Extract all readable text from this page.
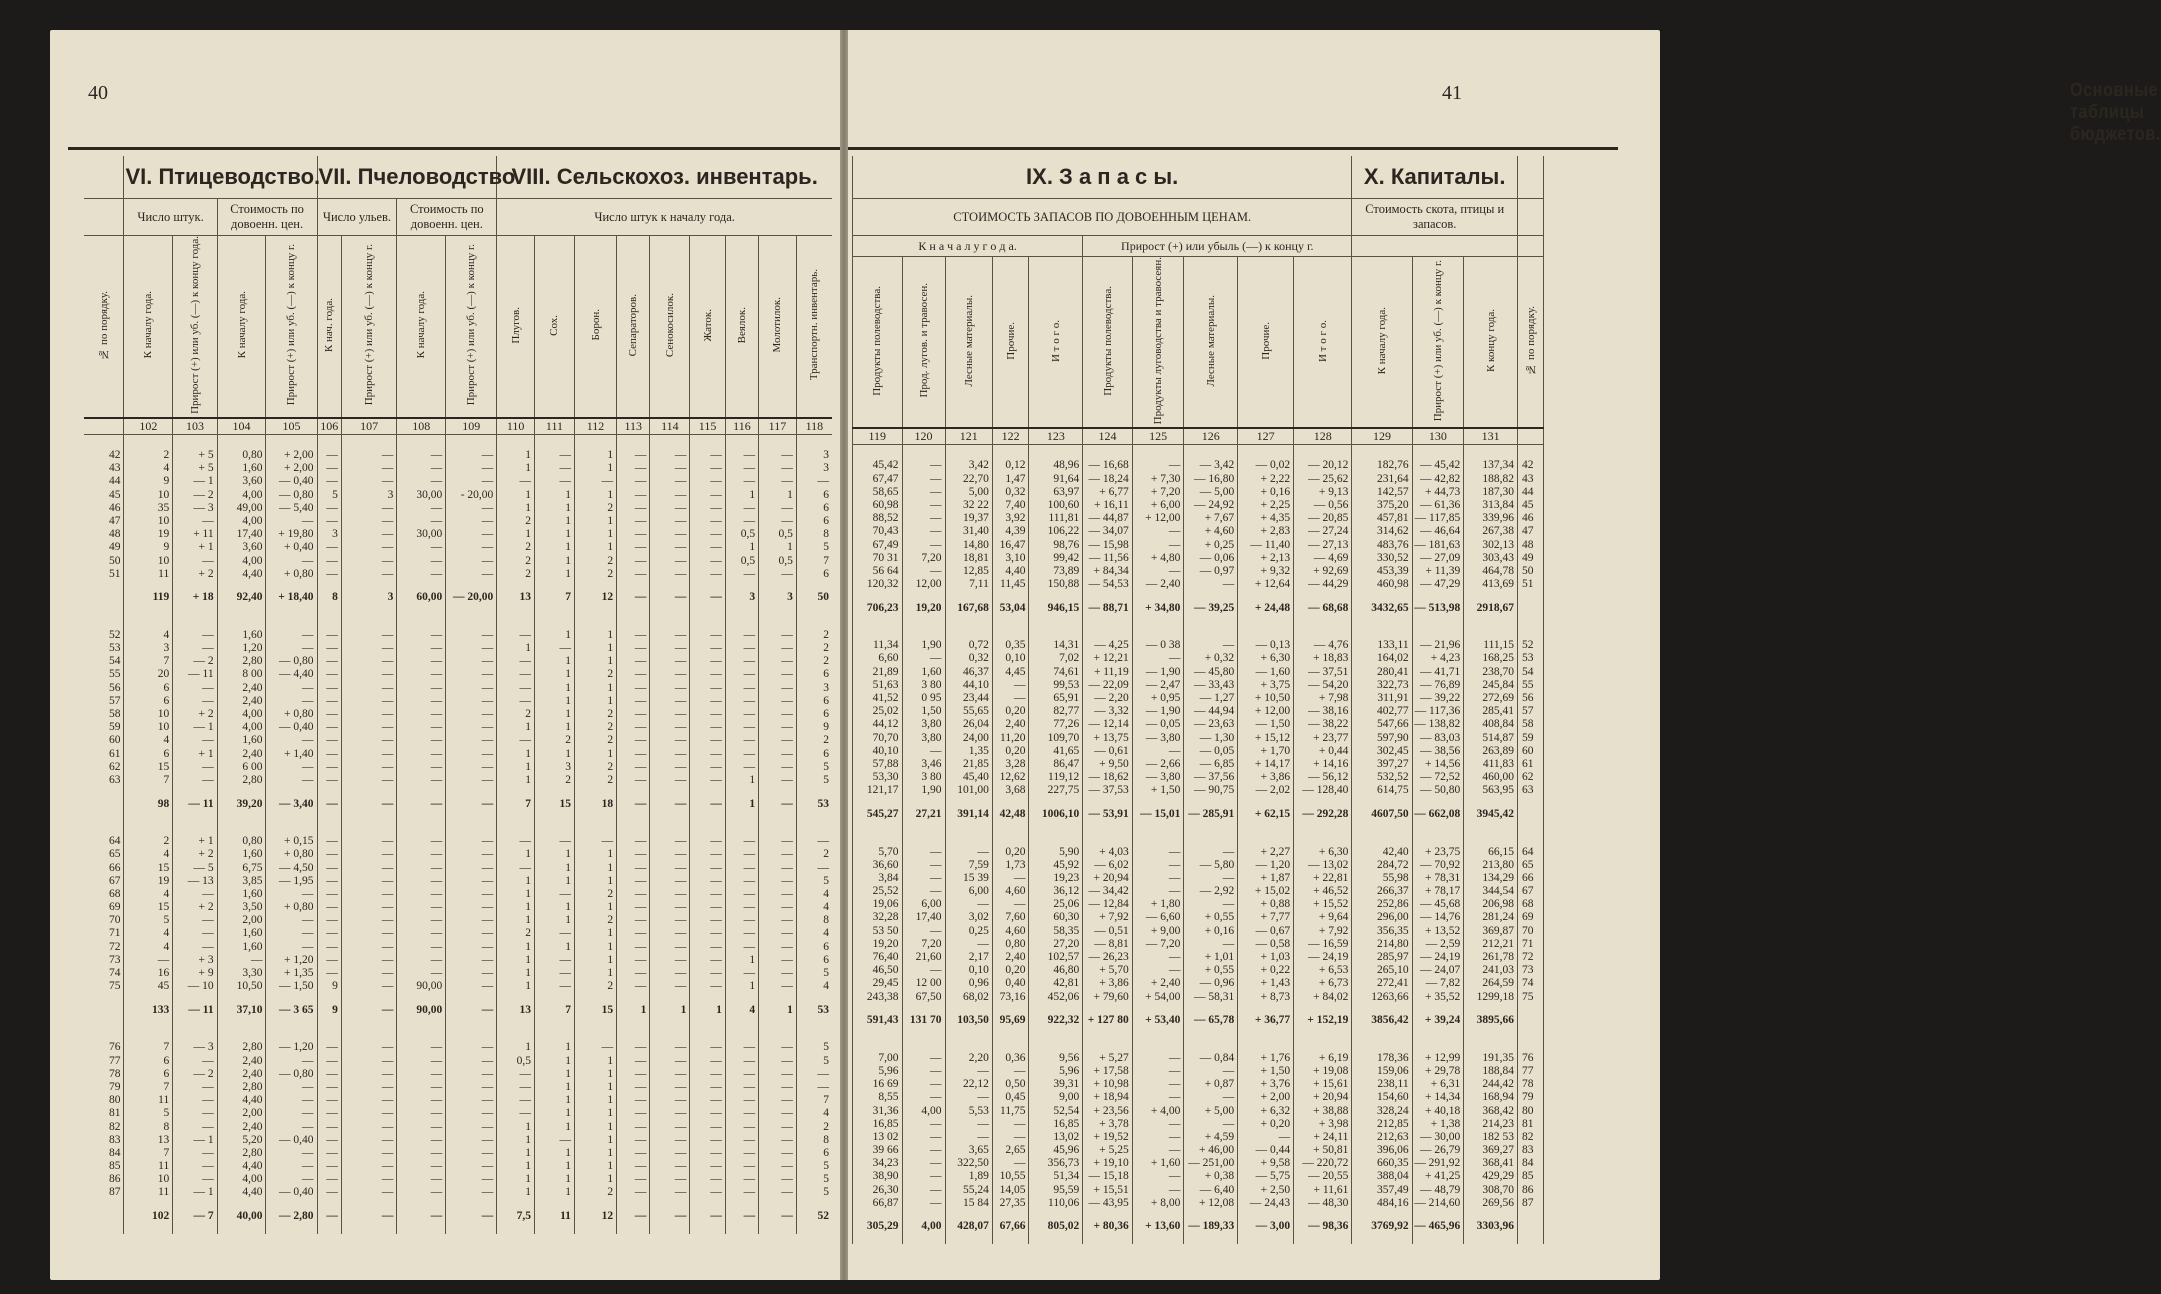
40
	VI. Птицеводство.				VII. Пчеловодство.				VIII. Сельскохоз. инвентарь.								
	Число штук.		Стоимость по довоенн. цен.		Число ульев.		Стоимость по довоенн. цен.		Число штук к началу года.								
№ по порядку.	К началу года.	Прирост (+) или уб. (—) к концу года.	К началу года.	Прирост (+) или уб. (—) к концу г.	К нач. года.	Прирост (+) или уб. (—) к концу г.	К началу года.	Прирост (+) или уб. (—) к концу г.	Плугов.	Сох.	Борон.	Сепараторов.	Сенокосилок.	Жаток.	Веялок.	Молотилок.	Транспортн. инвентарь.
	102	103	104	105	106	107	108	109	110	111	112	113	114	115	116	117	118

42	2	+ 5	0,80	+ 2,00	—	—	—	—	1	—	1	—	—	—	—	—	3
43	4	+ 5	1,60	+ 2,00	—	—	—	—	1	—	1	—	—	—	—	—	3
44	9	— 1	3,60	— 0,40	—	—	—	—	—	—	—	—	—	—	—	—	—
45	10	— 2	4,00	— 0,80	5	3	30,00	- 20,00	1	1	1	—	—	—	1	1	6
46	35	— 3	49,00	— 5,40	—	—	—	—	1	1	2	—	—	—	—	—	6
47	10	—	4,00	—	—	—	—	—	2	1	1	—	—	—	—	—	6
48	19	+ 11	17,40	+ 19,80	3	—	30,00	—	1	1	1	—	—	—	0,5	0,5	8
49	9	+ 1	3,60	+ 0,40	—	—	—	—	2	1	1	—	—	—	1	1	5
50	10	—	4,00	—	—	—	—	—	2	1	2	—	—	—	0,5	0,5	7
51	11	+ 2	4,40	+ 0,80	—	—	—	—	2	1	2	—	—	—	—	—	6
	119	+ 18	92,40	+ 18,40	8	3	60,00	— 20,00	13	7	12	—	—	—	3	3	50

52	4	—	1,60	—	—	—	—	—	—	1	1	—	—	—	—	—	2
53	3	—	1,20	—	—	—	—	—	1	—	1	—	—	—	—	—	2
54	7	— 2	2,80	— 0,80	—	—	—	—	—	1	1	—	—	—	—	—	2
55	20	— 11	8 00	— 4,40	—	—	—	—	—	1	2	—	—	—	—	—	6
56	6	—	2,40	—	—	—	—	—	—	1	1	—	—	—	—	—	3
57	6	—	2,40	—	—	—	—	—	—	1	1	—	—	—	—	—	6
58	10	+ 2	4,00	+ 0,80	—	—	—	—	2	1	2	—	—	—	—	—	6
59	10	— 1	4,00	— 0,40	—	—	—	—	1	1	2	—	—	—	—	—	9
60	4	—	1,60	—	—	—	—	—	—	2	2	—	—	—	—	—	2
61	6	+ 1	2,40	+ 1,40	—	—	—	—	1	1	1	—	—	—	—	—	6
62	15	—	6 00	—	—	—	—	—	1	3	2	—	—	—	—	—	5
63	7	—	2,80	—	—	—	—	—	1	2	2	—	—	—	1	—	5
	98	— 11	39,20	— 3,40	—	—	—	—	7	15	18	—	—	—	1	—	53

64	2	+ 1	0,80	+ 0,15	—	—	—	—	—	—	—	—	—	—	—	—	—
65	4	+ 2	1,60	+ 0,80	—	—	—	—	1	1	1	—	—	—	—	—	2
66	15	— 5	6,75	— 4,50	—	—	—	—	—	1	1	—	—	—	—	—	—
67	19	— 13	3,85	— 1,95	—	—	—	—	1	1	1	—	—	—	—	—	5
68	4	—	1,60	—	—	—	—	—	1	—	2	—	—	—	—	—	4
69	15	+ 2	3,50	+ 0,80	—	—	—	—	1	1	1	—	—	—	—	—	4
70	5	—	2,00	—	—	—	—	—	1	1	2	—	—	—	—	—	8
71	4	—	1,60	—	—	—	—	—	2	—	1	—	—	—	—	—	4
72	4	—	1,60	—	—	—	—	—	1	1	1	—	—	—	—	—	6
73	—	+ 3	—	+ 1,20	—	—	—	—	1	—	1	—	—	—	1	—	6
74	16	+ 9	3,30	+ 1,35	—	—	—	—	1	—	1	—	—	—	—	—	5
75	45	— 10	10,50	— 1,50	9	—	90,00	—	1	—	2	—	—	—	1	—	4
	133	— 11	37,10	— 3 65	9	—	90,00	—	13	7	15	1	1	1	4	1	53

76	7	— 3	2,80	— 1,20	—	—	—	—	1	1	—	—	—	—	—	—	5
77	6	—	2,40	—	—	—	—	—	0,5	1	1	—	—	—	—	—	5
78	6	— 2	2,40	— 0,80	—	—	—	—	—	1	1	—	—	—	—	—	—
79	7	—	2,80	—	—	—	—	—	—	1	1	—	—	—	—	—	—
80	11	—	4,40	—	—	—	—	—	—	1	1	—	—	—	—	—	7
81	5	—	2,00	—	—	—	—	—	—	1	1	—	—	—	—	—	4
82	8	—	2,40	—	—	—	—	—	1	1	1	—	—	—	—	—	2
83	13	— 1	5,20	— 0,40	—	—	—	—	1	—	1	—	—	—	—	—	8
84	7	—	2,80	—	—	—	—	—	1	1	1	—	—	—	—	—	6
85	11	—	4,40	—	—	—	—	—	1	1	1	—	—	—	—	—	5
86	10	—	4,00	—	—	—	—	—	1	1	1	—	—	—	—	—	5
87	11	— 1	4,40	— 0,40	—	—	—	—	1	1	2	—	—	—	—	—	5
	102	— 7	40,00	— 2,80	—	—	—	—	7,5	11	12	—	—	—	—	—	52
Основные таблицы бюджетов.
41
IX. З а п а с ы.										X. Капиталы.			
СТОИМОСТЬ ЗАПАСОВ ПО ДОВОЕННЫМ ЦЕНАМ.										Стоимость скота, птицы и запасов.			
К н а ч а л у г о д а.					Прирост (+) или убыль (—) к концу г.								
Продукты полеводства.	Прод. лугов. и травосен.	Лесные материалы.	Прочие.	И т о г о.	Продукты полеводства.	Продукты луговодства и травосеян.	Лесные материалы.	Прочие.	И т о г о.	К началу года.	Прирост (+) или уб. (—) к концу г.	К концу года.	№ по порядку.
119	120	121	122	123	124	125	126	127	128	129	130	131	

45,42	—	3,42	0,12	48,96	— 16,68	—	— 3,42	— 0,02	— 20,12	182,76	— 45,42	137,34	42
67,47	—	22,70	1,47	91,64	— 18,24	+ 7,30	— 16,80	+ 2,22	— 25,62	231,64	— 42,82	188,82	43
58,65	—	5,00	0,32	63,97	+ 6,77	+ 7,20	— 5,00	+ 0,16	+ 9,13	142,57	+ 44,73	187,30	44
60,98	—	32 22	7,40	100,60	+ 16,11	+ 6,00	— 24,92	+ 2,25	— 0,56	375,20	— 61,36	313,84	45
88,52	—	19,37	3,92	111,81	— 44,87	+ 12,00	+ 7,67	+ 4,35	— 20,85	457,81	— 117,85	339,96	46
70,43	—	31,40	4,39	106,22	— 34,07	—	+ 4,60	+ 2,83	— 27,24	314,62	— 46,64	267,38	47
67,49	—	14,80	16,47	98,76	— 15,98	—	+ 0,25	— 11,40	— 27,13	483,76	— 181,63	302,13	48
70 31	7,20	18,81	3,10	99,42	— 11,56	+ 4,80	— 0,06	+ 2,13	— 4,69	330,52	— 27,09	303,43	49
56 64	—	12,85	4,40	73,89	+ 84,34	—	— 0,97	+ 9,32	+ 92,69	453,39	+ 11,39	464,78	50
120,32	12,00	7,11	11,45	150,88	— 54,53	— 2,40	—	+ 12,64	— 44,29	460,98	— 47,29	413,69	51
706,23	19,20	167,68	53,04	946,15	— 88,71	+ 34,80	— 39,25	+ 24,48	— 68,68	3432,65	— 513,98	2918,67	

11,34	1,90	0,72	0,35	14,31	— 4,25	— 0 38	—	— 0,13	— 4,76	133,11	— 21,96	111,15	52
6,60	—	0,32	0,10	7,02	+ 12,21	—	+ 0,32	+ 6,30	+ 18,83	164,02	+ 4,23	168,25	53
21,89	1,60	46,37	4,45	74,61	+ 11,19	— 1,90	— 45,80	— 1,60	— 37,51	280,41	— 41,71	238,70	54
51,63	3 80	44,10	—	99,53	— 22,09	— 2,47	— 33,43	+ 3,75	— 54,20	322,73	— 76,89	245,84	55
41,52	0 95	23,44	—	65,91	— 2,20	+ 0,95	— 1,27	+ 10,50	+ 7,98	311,91	— 39,22	272,69	56
25,02	1,50	55,65	0,20	82,77	— 3,32	— 1,90	— 44,94	+ 12,00	— 38,16	402,77	— 117,36	285,41	57
44,12	3,80	26,04	2,40	77,26	— 12,14	— 0,05	— 23,63	— 1,50	— 38,22	547,66	— 138,82	408,84	58
70,70	3,80	24,00	11,20	109,70	+ 13,75	— 3,80	— 1,30	+ 15,12	+ 23,77	597,90	— 83,03	514,87	59
40,10	—	1,35	0,20	41,65	— 0,61	—	— 0,05	+ 1,70	+ 0,44	302,45	— 38,56	263,89	60
57,88	3,46	21,85	3,28	86,47	+ 9,50	— 2,66	— 6,85	+ 14,17	+ 14,16	397,27	+ 14,56	411,83	61
53,30	3 80	45,40	12,62	119,12	— 18,62	— 3,80	— 37,56	+ 3,86	— 56,12	532,52	— 72,52	460,00	62
121,17	1,90	101,00	3,68	227,75	— 37,53	+ 1,50	— 90,75	— 2,02	— 128,40	614,75	— 50,80	563,95	63
545,27	27,21	391,14	42,48	1006,10	— 53,91	— 15,01	— 285,91	+ 62,15	— 292,28	4607,50	— 662,08	3945,42	

5,70	—	—	0,20	5,90	+ 4,03	—	—	+ 2,27	+ 6,30	42,40	+ 23,75	66,15	64
36,60	—	7,59	1,73	45,92	— 6,02	—	— 5,80	— 1,20	— 13,02	284,72	— 70,92	213,80	65
3,84	—	15 39	—	19,23	+ 20,94	—	—	+ 1,87	+ 22,81	55,98	+ 78,31	134,29	66
25,52	—	6,00	4,60	36,12	— 34,42	—	— 2,92	+ 15,02	+ 46,52	266,37	+ 78,17	344,54	67
19,06	6,00	—	—	25,06	— 12,84	+ 1,80	—	+ 0,88	+ 15,52	252,86	— 45,68	206,98	68
32,28	17,40	3,02	7,60	60,30	+ 7,92	— 6,60	+ 0,55	+ 7,77	+ 9,64	296,00	— 14,76	281,24	69
53 50	—	0,25	4,60	58,35	— 0,51	+ 9,00	+ 0,16	— 0,67	+ 7,92	356,35	+ 13,52	369,87	70
19,20	7,20	—	0,80	27,20	— 8,81	— 7,20	—	— 0,58	— 16,59	214,80	— 2,59	212,21	71
76,40	21,60	2,17	2,40	102,57	— 26,23	—	+ 1,01	+ 1,03	— 24,19	285,97	— 24,19	261,78	72
46,50	—	0,10	0,20	46,80	+ 5,70	—	+ 0,55	+ 0,22	+ 6,53	265,10	— 24,07	241,03	73
29,45	12 00	0,96	0,40	42,81	+ 3,86	+ 2,40	— 0,96	+ 1,43	+ 6,73	272,41	— 7,82	264,59	74
243,38	67,50	68,02	73,16	452,06	+ 79,60	+ 54,00	— 58,31	+ 8,73	+ 84,02	1263,66	+ 35,52	1299,18	75
591,43	131 70	103,50	95,69	922,32	+ 127 80	+ 53,40	— 65,78	+ 36,77	+ 152,19	3856,42	+ 39,24	3895,66	

7,00	—	2,20	0,36	9,56	+ 5,27	—	— 0,84	+ 1,76	+ 6,19	178,36	+ 12,99	191,35	76
5,96	—	—	—	5,96	+ 17,58	—	—	+ 1,50	+ 19,08	159,06	+ 29,78	188,84	77
16 69	—	22,12	0,50	39,31	+ 10,98	—	+ 0,87	+ 3,76	+ 15,61	238,11	+ 6,31	244,42	78
8,55	—	—	0,45	9,00	+ 18,94	—	—	+ 2,00	+ 20,94	154,60	+ 14,34	168,94	79
31,36	4,00	5,53	11,75	52,54	+ 23,56	+ 4,00	+ 5,00	+ 6,32	+ 38,88	328,24	+ 40,18	368,42	80
16,85	—	—	—	16,85	+ 3,78	—	—	+ 0,20	+ 3,98	212,85	+ 1,38	214,23	81
13 02	—	—	—	13,02	+ 19,52	—	+ 4,59	—	+ 24,11	212,63	— 30,00	182 53	82
39 66	—	3,65	2,65	45,96	+ 5,25	—	+ 46,00	— 0,44	+ 50,81	396,06	— 26,79	369,27	83
34,23	—	322,50	—	356,73	+ 19,10	+ 1,60	— 251,00	+ 9,58	— 220,72	660,35	— 291,92	368,41	84
38,90	—	1,89	10,55	51,34	— 15,18	—	+ 0,38	— 5,75	— 20,55	388,04	+ 41,25	429,29	85
26,30	—	55,24	14,05	95,59	+ 15,51	—	— 6,40	+ 2,50	+ 11,61	357,49	— 48,79	308,70	86
66,87	—	15 84	27,35	110,06	— 43,95	+ 8,00	+ 12,08	— 24,43	— 48,30	484,16	— 214,60	269,56	87
305,29	4,00	428,07	67,66	805,02	+ 80,36	+ 13,60	— 189,33	— 3,00	— 98,36	3769,92	— 465,96	3303,96	
